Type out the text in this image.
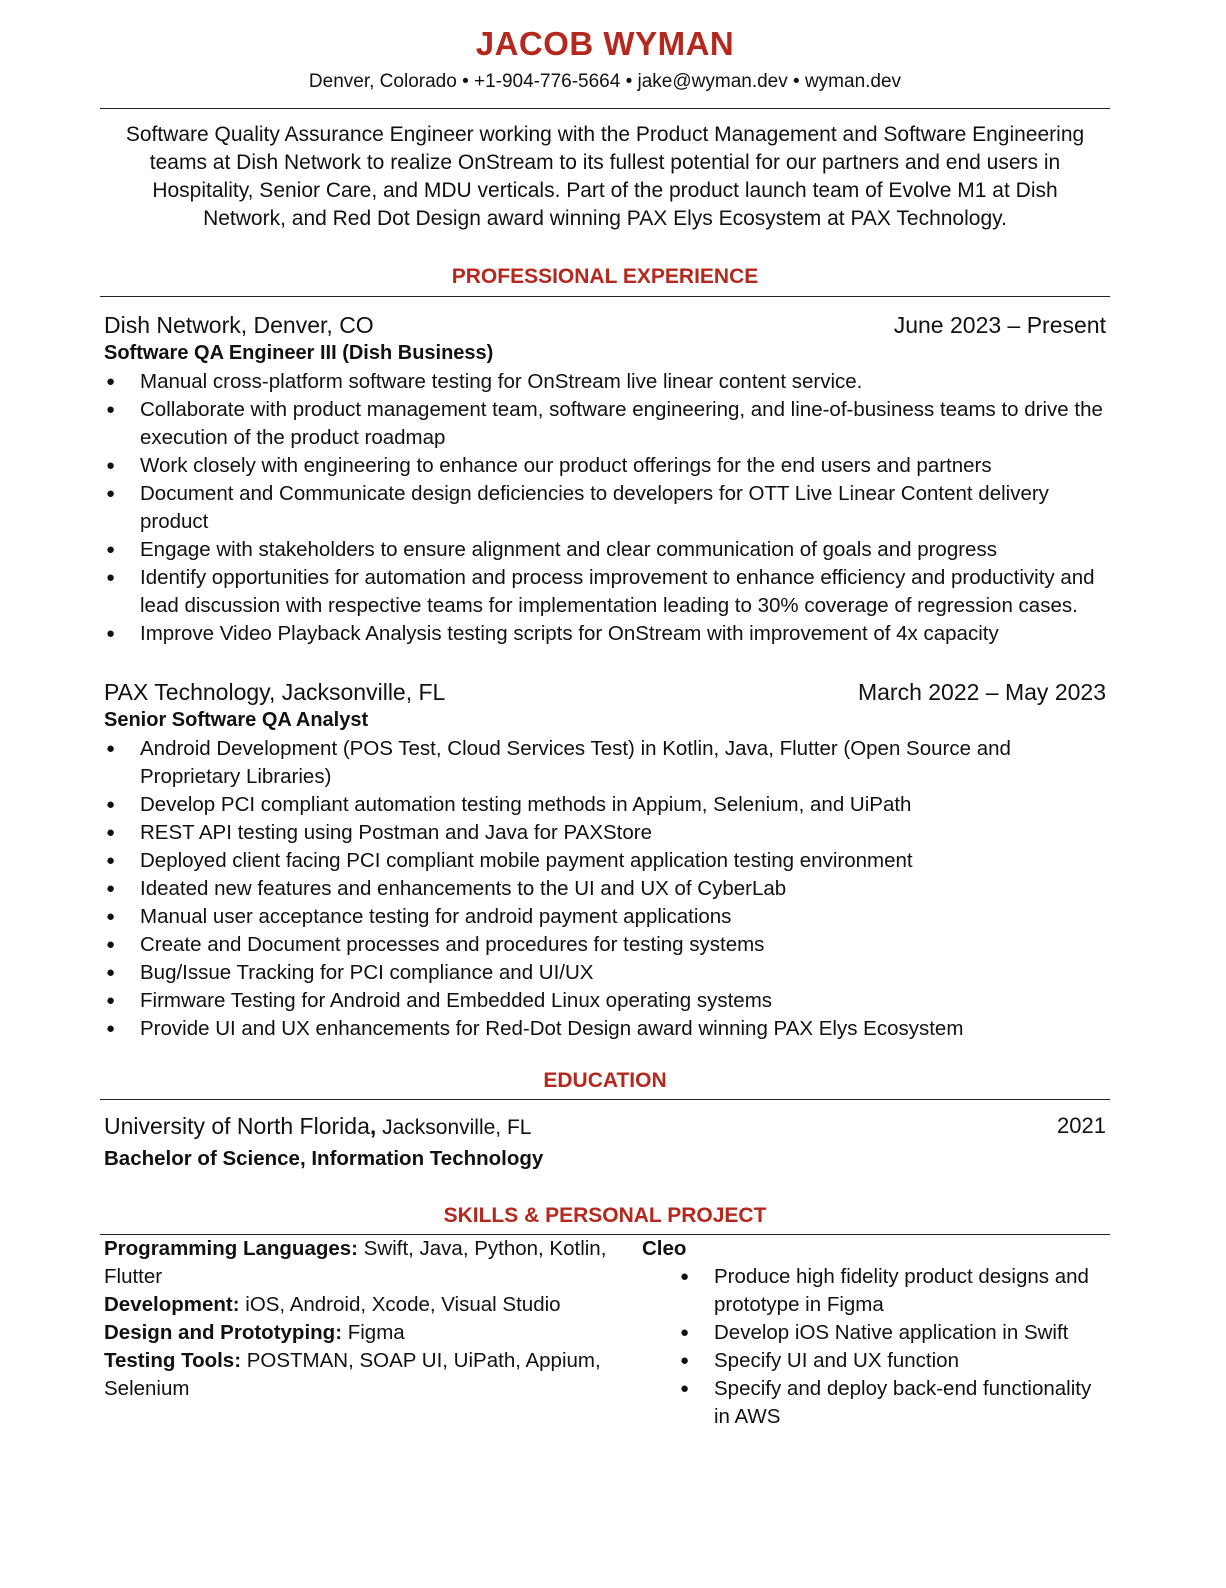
JACOB WYMAN
Denver, Colorado • +1-904-776-5664 • jake@wyman.dev • wyman.dev

Software Quality Assurance Engineer working with the Product Management and Software Engineering teams at Dish Network to realize OnStream to its fullest potential for our partners and end users in Hospitality, Senior Care, and MDU verticals. Part of the product launch team of Evolve M1 at Dish Network, and Red Dot Design award winning PAX Elys Ecosystem at PAX Technology.

PROFESSIONAL EXPERIENCE
Dish Network, Denver, CO	June 2023 – Present
Software QA Engineer III (Dish Business)
● Manual cross-platform software testing for OnStream live linear content service.
● Collaborate with product management team, software engineering, and line-of-business teams to drive the execution of the product roadmap
● Work closely with engineering to enhance our product offerings for the end users and partners
● Document and Communicate design deficiencies to developers for OTT Live Linear Content delivery product
● Engage with stakeholders to ensure alignment and clear communication of goals and progress
● Identify opportunities for automation and process improvement to enhance efficiency and productivity and lead discussion with respective teams for implementation leading to 30% coverage of regression cases.
● Improve Video Playback Analysis testing scripts for OnStream with improvement of 4x capacity
PAX Technology, Jacksonville, FL	March 2022 – May 2023
Senior Software QA Analyst
● Android Development (POS Test, Cloud Services Test) in Kotlin, Java, Flutter (Open Source and Proprietary Libraries)
● Develop PCI compliant automation testing methods in Appium, Selenium, and UiPath
● REST API testing using Postman and Java for PAXStore
● Deployed client facing PCI compliant mobile payment application testing environment
● Ideated new features and enhancements to the UI and UX of CyberLab
● Manual user acceptance testing for android payment applications
● Create and Document processes and procedures for testing systems
● Bug/Issue Tracking for PCI compliance and UI/UX
● Firmware Testing for Android and Embedded Linux operating systems
● Provide UI and UX enhancements for Red-Dot Design award winning PAX Elys Ecosystem
EDUCATION
University of North Florida, Jacksonville, FL	2021
Bachelor of Science, Information Technology
SKILLS & PERSONAL PROJECT
Programming Languages: Swift, Java, Python, Kotlin, Flutter
Development: iOS, Android, Xcode, Visual Studio
Design and Prototyping: Figma
Testing Tools: POSTMAN, SOAP UI, UiPath, Appium, Selenium
Cleo
● Produce high fidelity product designs and prototype in Figma
● Develop iOS Native application in Swift
● Specify UI and UX function
● Specify and deploy back-end functionality in AWS
